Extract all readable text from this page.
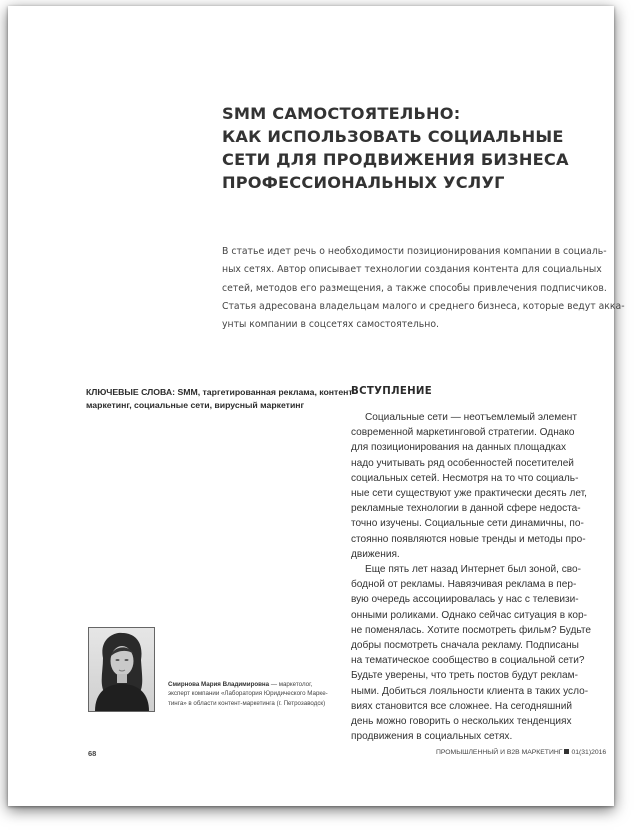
SMM САМОСТОЯТЕЛЬНО:
КАК ИСПОЛЬЗОВАТЬ СОЦИАЛЬНЫЕ
СЕТИ ДЛЯ ПРОДВИЖЕНИЯ БИЗНЕСА
ПРОФЕССИОНАЛЬНЫХ УСЛУГ

В статье идет речь о необходимости позиционирования компании в социаль-
ных сетях. Автор описывает технологии создания контента для социальных
сетей, методов его размещения, а также способы привлечения подписчиков.
Статья адресована владельцам малого и среднего бизнеса, которые ведут акка-
унты компании в соцсетях самостоятельно.

КЛЮЧЕВЫЕ СЛОВА: SMM, таргетированная реклама, контент-
маркетинг, социальные сети, вирусный маркетинг

ВСТУПЛЕНИЕ
Социальные сети — неотъемлемый элемент
современной маркетинговой стратегии. Однако
для позиционирования на данных площадках
надо учитывать ряд особенностей посетителей
социальных сетей. Несмотря на то что социаль-
ные сети существуют уже практически десять лет,
рекламные технологии в данной сфере недоста-
точно изучены. Социальные сети динамичны, по-
стоянно появляются новые тренды и методы про-
движения.
Еще пять лет назад Интернет был зоной, сво-
бодной от рекламы. Навязчивая реклама в пер-
вую очередь ассоциировалась у нас с телевизи-
онными роликами. Однако сейчас ситуация в кор-
не поменялась. Хотите посмотреть фильм? Будьте
добры посмотреть сначала рекламу. Подписаны
на тематическое сообщество в социальной сети?
Будьте уверены, что треть постов будут реклам-
ными. Добиться лояльности клиента в таких усло-
виях становится все сложнее. На сегодняшний
день можно говорить о нескольких тенденциях
продвижения в социальных сетях.
Смирнова Мария Владимировна — маркетолог,
эксперт компании «Лаборатория Юридического Марке-
тинга» в области контент-маркетинга (г. Петрозаводск)
68	ПРОМЫШЛЕННЫЙ И B2B МАРКЕТИНГ 01(31)2016
